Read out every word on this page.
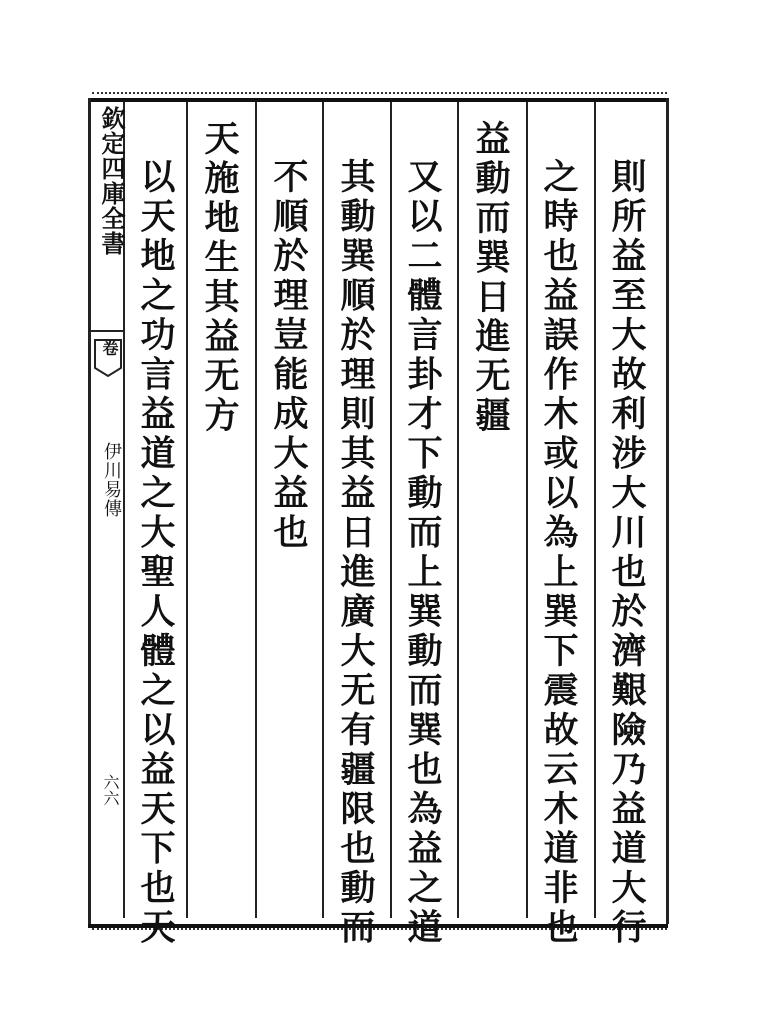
欽定四庫全書
卷
伊川易傳
六六	則所益至大故利涉大川也於濟艱險乃益道大行
之時也益誤作木或以為上巽下震故云木道非也
益動而巽日進无疆
又以二體言卦才下動而上巽動而巽也為益之道
其動巽順於理則其益日進廣大无有疆限也動而
不順於理豈能成大益也
天施地生其益无方
以天地之功言益道之大聖人體之以益天下也天
